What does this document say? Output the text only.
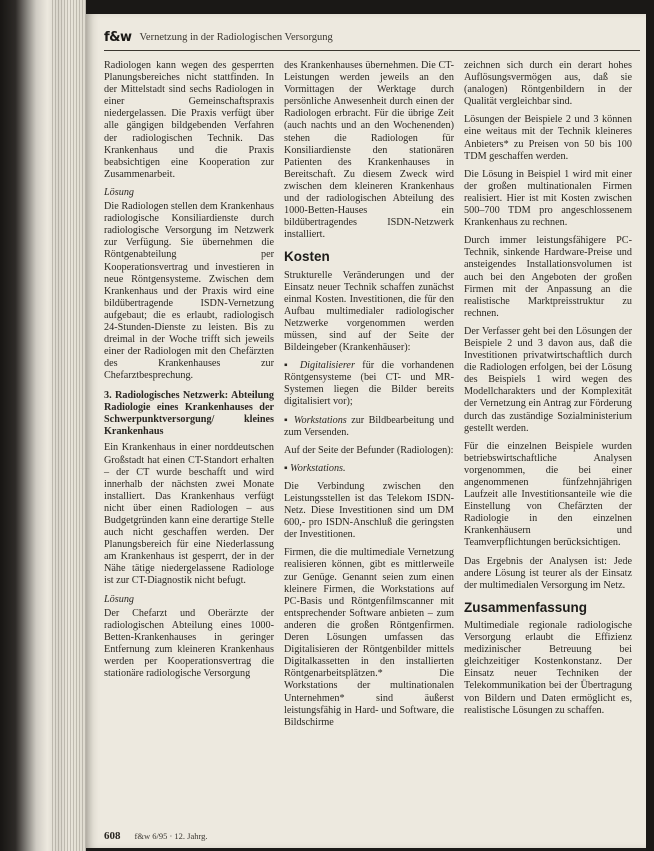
f&w Vernetzung in der Radiologischen Versorgung

Radiologen kann wegen des gesperrten Planungsbereiches nicht stattfinden. In der Mittelstadt sind sechs Radiologen in einer Gemeinschaftspraxis niedergelassen. Die Praxis verfügt über alle gängigen bildgebenden Verfahren der radiologischen Technik. Das Krankenhaus und die Praxis beabsichtigen eine Kooperation zur Zusammenarbeit.

Lösung

Die Radiologen stellen dem Krankenhaus radiologische Konsiliardienste durch radiologische Versorgung im Netzwerk zur Verfügung. Sie übernehmen die Röntgenabteilung per Kooperationsvertrag und investieren in neue Röntgensysteme. Zwischen dem Krankenhaus und der Praxis wird eine bildübertragende ISDN-Vernetzung aufgebaut; die es erlaubt, radiologisch 24-Stunden-Dienste zu leisten. Bis zu dreimal in der Woche trifft sich jeweils einer der Radiologen mit den Chefärzten des Krankenhauses zur Chefarztbesprechung.

3. Radiologisches Netzwerk: Abteilung Radiologie eines Krankenhauses der Schwerpunktversorgung/ kleines Krankenhaus

Ein Krankenhaus in einer norddeutschen Großstadt hat einen CT-Standort erhalten – der CT wurde beschafft und wird innerhalb der nächsten zwei Monate installiert. Das Krankenhaus verfügt nicht über einen Radiologen – aus Budgetgründen kann eine derartige Stelle auch nicht geschaffen werden. Der Planungsbereich für eine Niederlassung am Krankenhaus ist gesperrt, der in der Nähe tätige niedergelassene Radiologe ist zur CT-Diagnostik nicht befugt.

Lösung

Der Chefarzt und Oberärzte der radiologischen Abteilung eines 1000-Betten-Krankenhauses in geringer Entfernung zum kleineren Krankenhaus werden per Kooperationsvertrag die stationäre radiologische Versorgung

des Krankenhauses übernehmen. Die CT-Leistungen werden jeweils an den Vormittagen der Werktage durch persönliche Anwesenheit durch einen der Radiologen erbracht. Für die übrige Zeit (auch nachts und an den Wochenenden) stehen die Radiologen für Konsiliardienste den stationären Patienten des Krankenhauses in Bereitschaft. Zu diesem Zweck wird zwischen dem kleineren Krankenhaus und der radiologischen Abteilung des 1000-Betten-Hauses ein bildübertragendes ISDN-Netzwerk installiert.

Kosten

Strukturelle Veränderungen und der Einsatz neuer Technik schaffen zunächst einmal Kosten. Investitionen, die für den Aufbau multimedialer radiologischer Netzwerke vorgenommen werden müssen, sind auf der Seite der Bildeingeber (Krankenhäuser):

▪ Digitalisierer für die vorhandenen Röntgensysteme (bei CT- und MR-Systemen liegen die Bilder bereits digitalisiert vor);

▪ Workstations zur Bildbearbeitung und zum Versenden.

Auf der Seite der Befunder (Radiologen):

▪ Workstations.

Die Verbindung zwischen den Leistungsstellen ist das Telekom ISDN-Netz. Diese Investitionen sind um DM 600,- pro ISDN-Anschluß die geringsten der Investitionen.

Firmen, die die multimediale Vernetzung realisieren können, gibt es mittlerweile zur Genüge. Genannt seien zum einen kleinere Firmen, die Workstations auf PC-Basis und Röntgenfilmscanner mit entsprechender Software anbieten – zum anderen die großen Röntgenfirmen. Deren Lösungen umfassen das Digitalisieren der Röntgenbilder mittels Digitalkassetten in den installierten Röntgenarbeitsplätzen.* Die Workstations der multinationalen Unternehmen* sind äußerst leistungsfähig in Hard- und Software, die Bildschirme

zeichnen sich durch ein derart hohes Auflösungsvermögen aus, daß sie (analogen) Röntgenbildern in der Qualität vergleichbar sind.

Lösungen der Beispiele 2 und 3 können eine weitaus mit der Technik kleineres Anbieters* zu Preisen von 50 bis 100 TDM geschaffen werden.

Die Lösung in Beispiel 1 wird mit einer der großen multinationalen Firmen realisiert. Hier ist mit Kosten zwischen 500–700 TDM pro angeschlossenem Krankenhaus zu rechnen.

Durch immer leistungsfähigere PC-Technik, sinkende Hardware-Preise und ansteigendes Installationsvolumen ist auch bei den Angeboten der großen Firmen mit der Anpassung an die realistische Marktpreisstruktur zu rechnen.

Der Verfasser geht bei den Lösungen der Beispiele 2 und 3 davon aus, daß die Investitionen privatwirtschaftlich durch die Radiologen erfolgen, bei der Lösung des Beispiels 1 wird wegen des Modellcharakters und der Komplexität der Vernetzung ein Antrag zur Förderung durch das zuständige Sozialministerium gestellt werden.

Für die einzelnen Beispiele wurden betriebswirtschaftliche Analysen vorgenommen, die bei einer angenommenen fünfzehnjährigen Laufzeit alle Investitionsanteile wie die Einstellung von Chefärzten der Radiologie in den einzelnen Krankenhäusern und Teamverpflichtungen berücksichtigen.

Das Ergebnis der Analysen ist: Jede andere Lösung ist teurer als der Einsatz der multimedialen Versorgung im Netz.

Zusammenfassung

Multimediale regionale radiologische Versorgung erlaubt die Effizienz medizinischer Betreuung bei gleichzeitiger Kostenkonstanz. Der Einsatz neuer Techniken der Telekommunikation bei der Übertragung von Bildern und Daten ermöglicht es, realistische Lösungen zu schaffen.

608 f&w 6/95 · 12. Jahrg.
